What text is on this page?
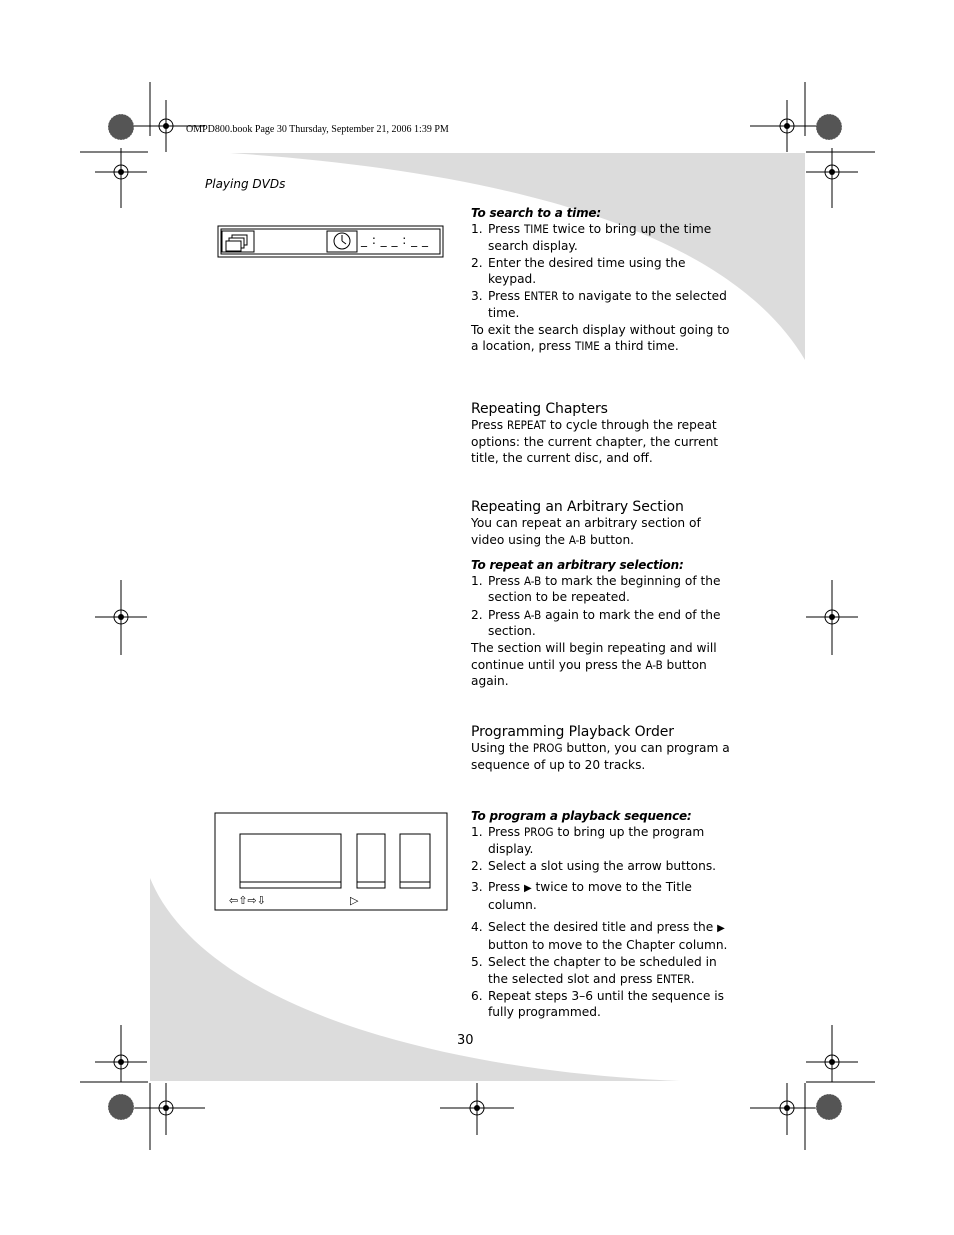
OMPD800.book Page 30 Thursday, September 21, 2006 1:39 PM
Playing DVDs
_ : _ _ : _ _
⇦⇧⇨⇩	▷
To search to a time:
1. Press TIME twice to bring up the time search display.
2. Enter the desired time using the keypad.
3. Press ENTER to navigate to the selected time.

To exit the search display without going to a location, press TIME a third time.

Repeating Chapters

Press REPEAT to cycle through the repeat options: the current chapter, the current title, the current disc, and off.

Repeating an Arbitrary Section

You can repeat an arbitrary section of video using the A-B button.

To repeat an arbitrary selection:
1. Press A-B to mark the beginning of the section to be repeated.
2. Press A-B again to mark the end of the section.

The section will begin repeating and will continue until you press the A-B button again.

Programming Playback Order

Using the PROG button, you can program a sequence of up to 20 tracks.

To program a playback sequence:
1. Press PROG to bring up the program display.
2. Select a slot using the arrow buttons.
3. Press ▶ twice to move to the Title column.
4. Select the desired title and press the ▶ button to move to the Chapter column.
5. Select the chapter to be scheduled in the selected slot and press ENTER.
6. Repeat steps 3–6 until the sequence is fully programmed.
30
